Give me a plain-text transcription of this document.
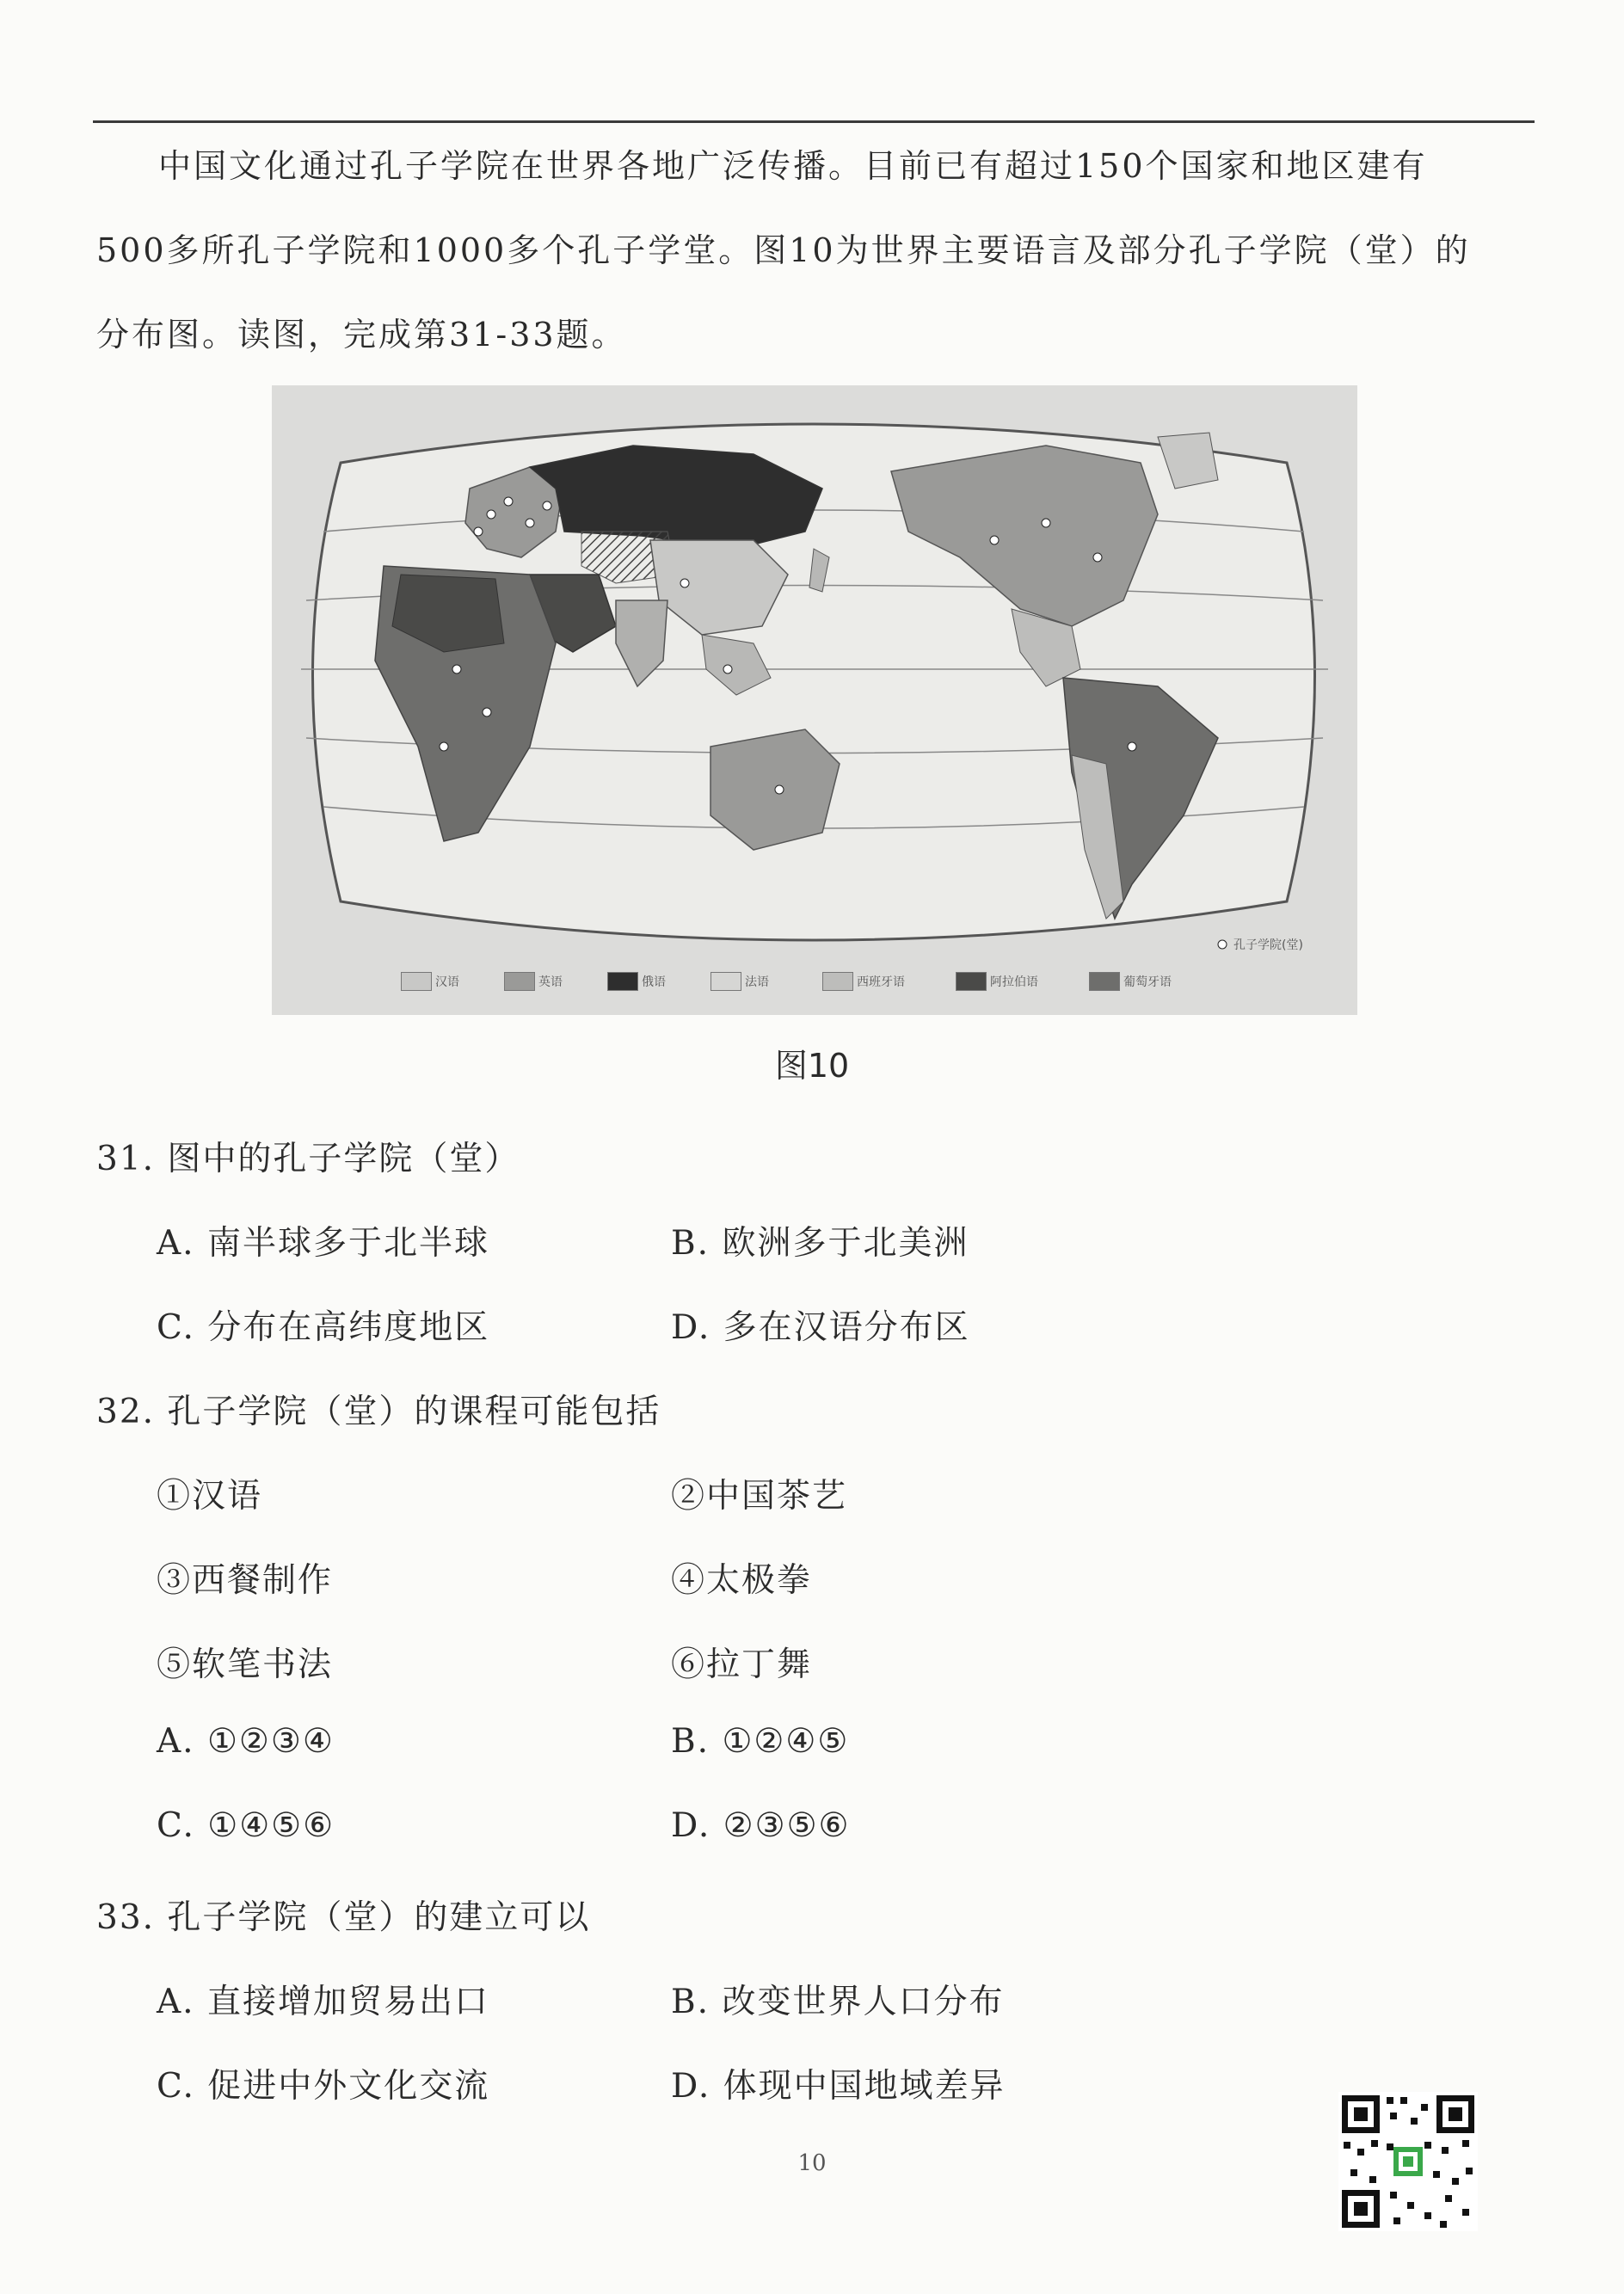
中国文化通过孔子学院在世界各地广泛传播。目前已有超过150个国家和地区建有
500多所孔子学院和1000多个孔子学堂。图10为世界主要语言及部分孔子学院（堂）的
分布图。读图，完成第31-33题。
孔子学院(堂)
汉语	英语	俄语	法语	西班牙语	阿拉伯语	葡萄牙语
图10
31. 图中的孔子学院（堂）
A. 南半球多于北半球	B. 欧洲多于北美洲
C. 分布在高纬度地区	D. 多在汉语分布区
32. 孔子学院（堂）的课程可能包括
①汉语	②中国茶艺
③西餐制作	④太极拳
⑤软笔书法	⑥拉丁舞
A. ①②③④	B. ①②④⑤
C. ①④⑤⑥	D. ②③⑤⑥
33. 孔子学院（堂）的建立可以
A. 直接增加贸易出口	B. 改变世界人口分布
C. 促进中外文化交流	D. 体现中国地域差异
10
